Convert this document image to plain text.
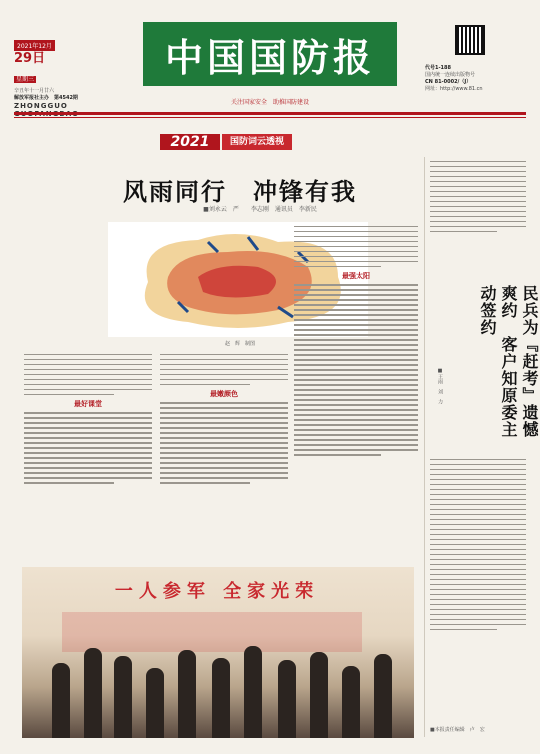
2021年12月
29日
星期三
辛丑年十一月廿六
解放军报社主办　第4542期
ZHONGGUO
中国国防报
关注国家安全　助推国防建设
代号1-188
国内统一连续出版物号
CN 81-0002/（J）
网址：http://www.81.cn
2021	国防词云透视
风雨同行　冲锋有我
■刘永云　严　　李志刚　通讯员　李新民
赵　辉　制图
最好课堂
最嫩颜色
最强太阳
民兵为『赶考』遗憾爽约　客户知原委主动签约
■王雨　刘　力
一人参军 全家光荣
■本报责任编辑　卢　宏
